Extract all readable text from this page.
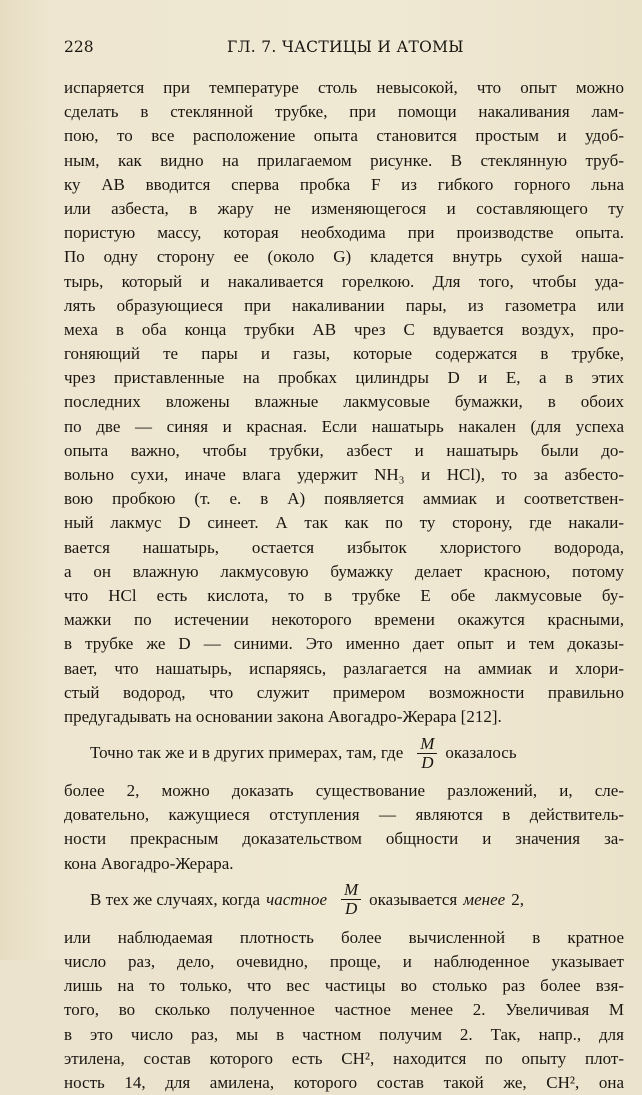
228	ГЛ. 7. ЧАСТИЦЫ И АТОМЫ
испаряется при температуре столь невысокой, что опыт можно
сделать в стеклянной трубке, при помощи накаливания лам-
пою, то все расположение опыта становится простым и удоб-
ным, как видно на прилагаемом рисунке. В стеклянную труб-
ку AB вводится сперва пробка F из гибкого горного льна
или азбеста, в жару не изменяющегося и составляющего ту
пористую массу, которая необходима при производстве опыта.
По одну сторону ее (около G) кладется внутрь сухой наша-
тырь, который и накаливается горелкою. Для того, чтобы уда-
лять образующиеся при накаливании пары, из газометра или
меха в оба конца трубки AB чрез C вдувается воздух, про-
гоняющий те пары и газы, которые содержатся в трубке,
чрез приставленные на пробках цилиндры D и E, а в этих
последних вложены влажные лакмусовые бумажки, в обоих
по две — синяя и красная. Если нашатырь накален (для успеха
опыта важно, чтобы трубки, азбест и нашатырь были до-
вольно сухи, иначе влага удержит NH₃ и HCl), то за азбесто-
вою пробкою (т. е. в A) появляется аммиак и соответствен-
ный лакмус D синеет. А так как по ту сторону, где накали-
вается нашатырь, остается избыток хлористого водорода,
а он влажную лакмусовую бумажку делает красною, потому
что HCl есть кислота, то в трубке E обе лакмусовые бу-
мажки по истечении некоторого времени окажутся красными,
в трубке же D — синими. Это именно дает опыт и тем доказы-
вает, что нашатырь, испаряясь, разлагается на аммиак и хлори-
стый водород, что служит примером возможности правильно
предугадывать на основании закона Авогадро-Жерара [212].
Точно так же и в других примерах, там, где $\frac{M}{D}$ оказалось
более 2, можно доказать существование разложений, и, сле-
довательно, кажущиеся отступления — являются в действитель-
ности прекрасным доказательством общности и значения за-
кона Авогадро-Жерара.
В тех же случаях, когда частное $\frac{M}{D}$ оказывается менее 2,
или наблюдаемая плотность более вычисленной в кратное
число раз, дело, очевидно, проще, и наблюденное указывает
лишь на то только, что вес частицы во столько раз более взя-
того, во сколько полученное частное менее 2. Увеличивая M
в это число раз, мы в частном получим 2. Так, напр., для
этилена, состав которого есть CH², находится по опыту плот-
ность 14, для амилена, которого состав такой же, CH², она
